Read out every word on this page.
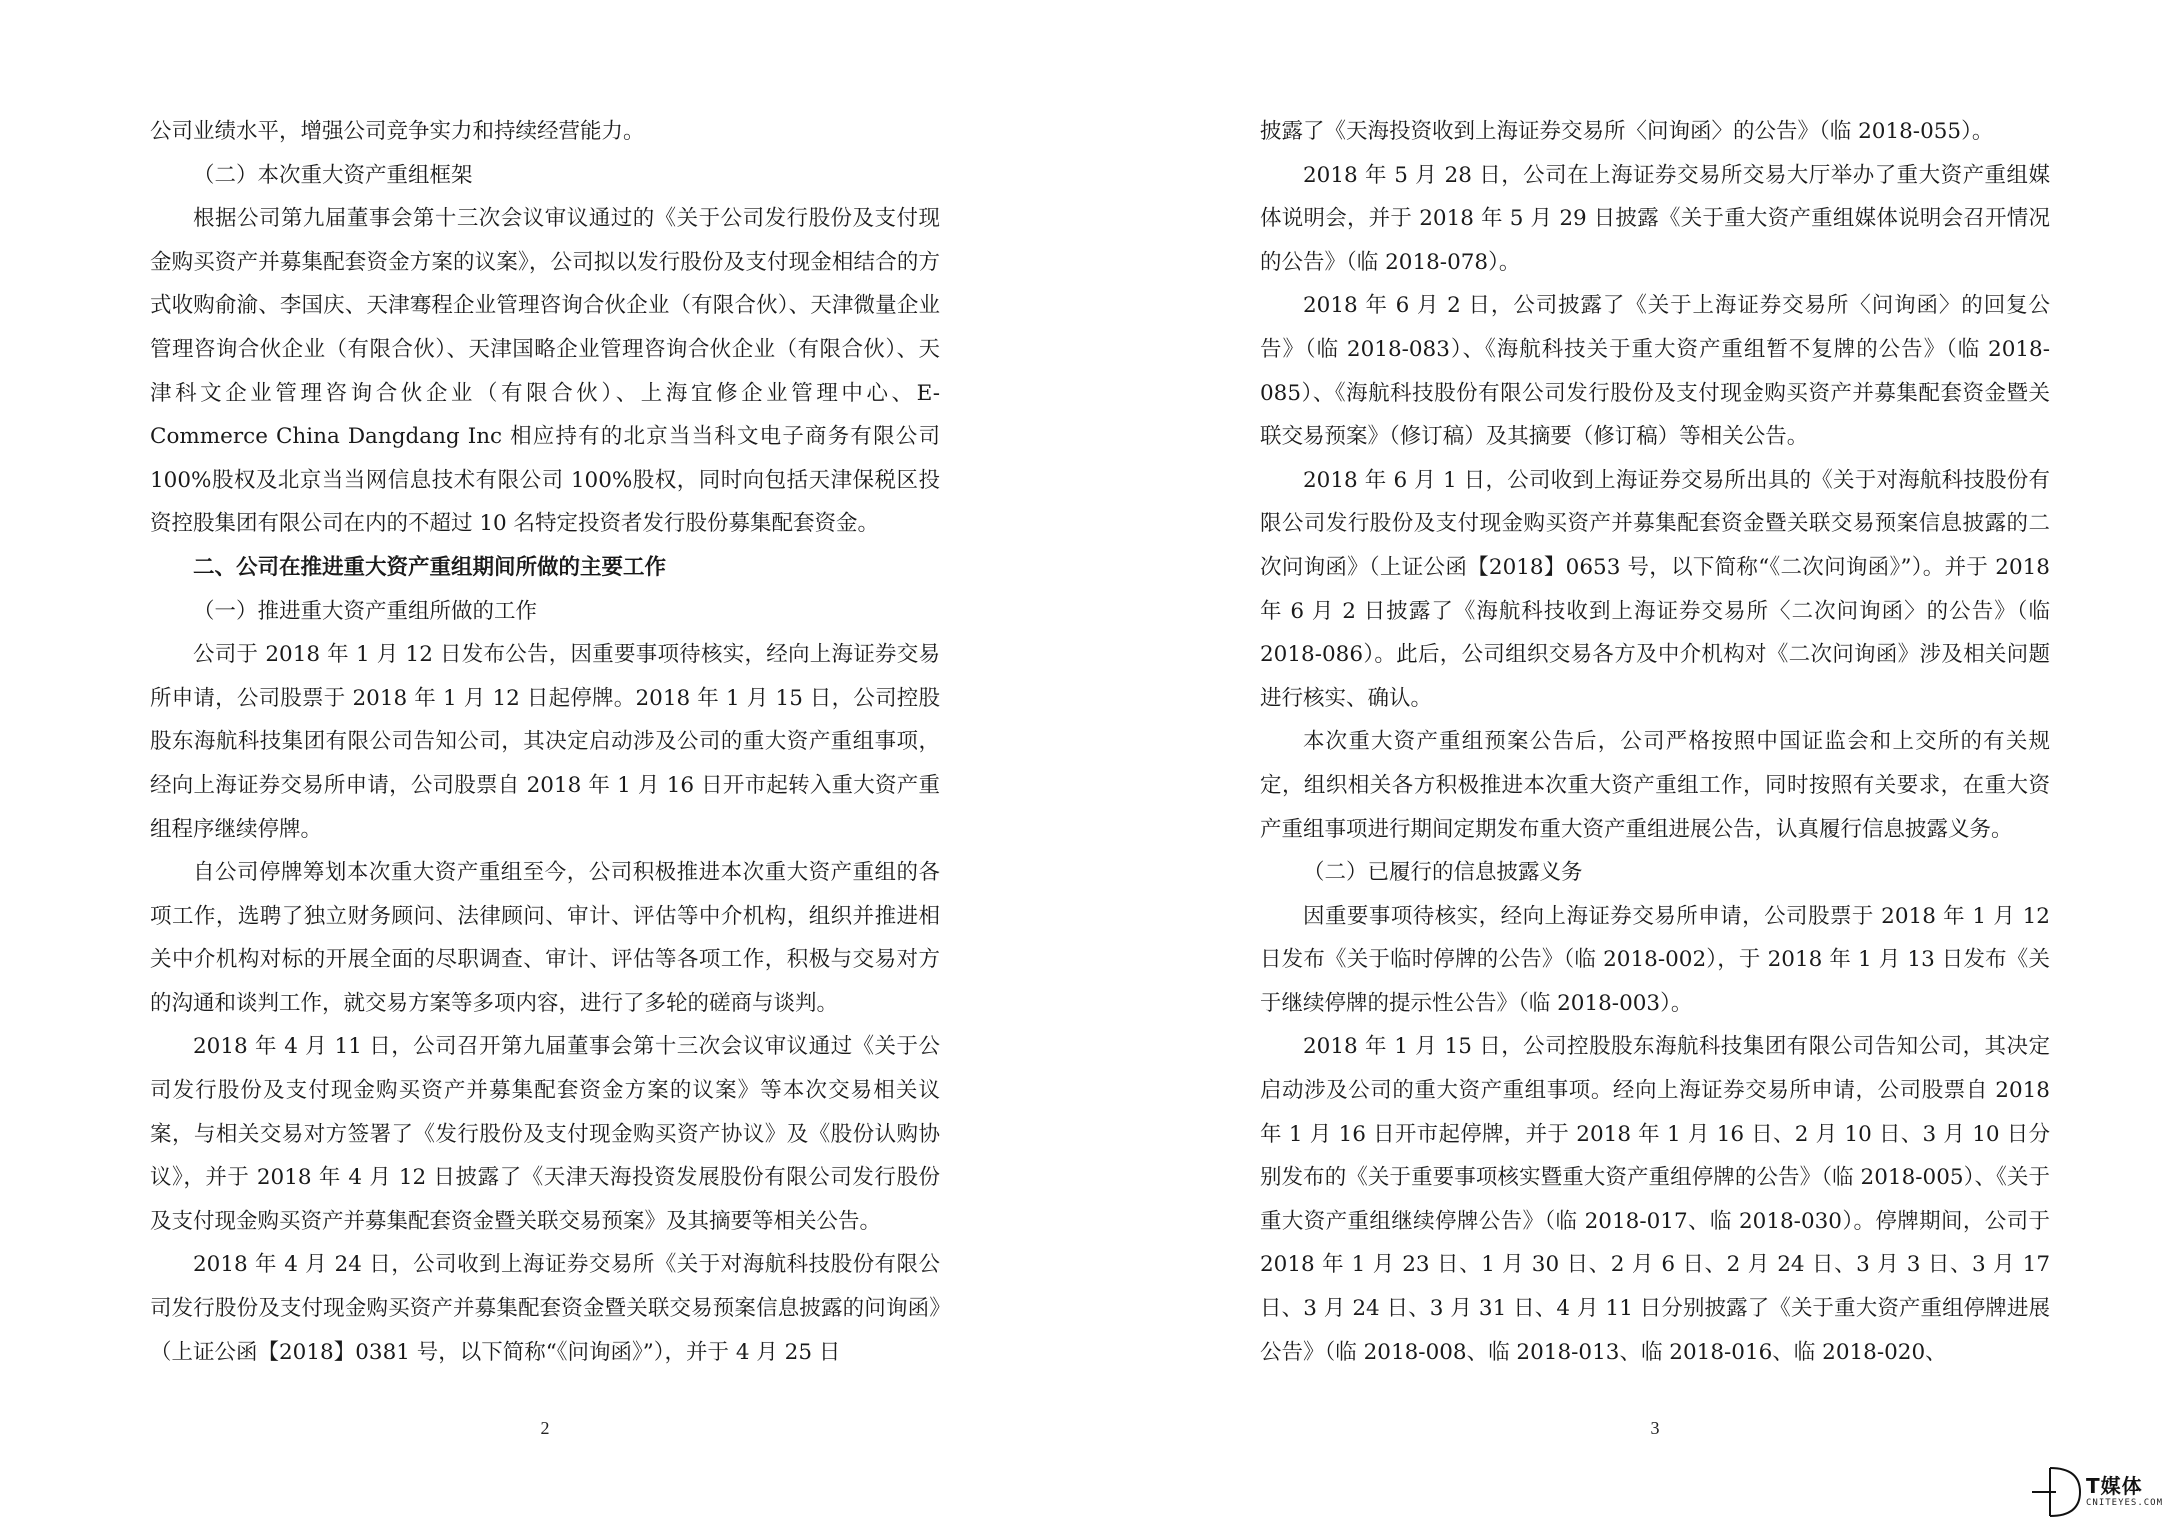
公司业绩水平，增强公司竞争实力和持续经营能力。

（二）本次重大资产重组框架

根据公司第九届董事会第十三次会议审议通过的《关于公司发行股份及支付现金购买资产并募集配套资金方案的议案》，公司拟以发行股份及支付现金相结合的方式收购俞渝、李国庆、天津骞程企业管理咨询合伙企业（有限合伙）、天津微量企业管理咨询合伙企业（有限合伙）、天津国略企业管理咨询合伙企业（有限合伙）、天津科文企业管理咨询合伙企业（有限合伙）、上海宜修企业管理中心、E-Commerce China Dangdang Inc 相应持有的北京当当科文电子商务有限公司 100%股权及北京当当网信息技术有限公司 100%股权，同时向包括天津保税区投资控股集团有限公司在内的不超过 10 名特定投资者发行股份募集配套资金。

二、公司在推进重大资产重组期间所做的主要工作

（一）推进重大资产重组所做的工作

公司于 2018 年 1 月 12 日发布公告，因重要事项待核实，经向上海证券交易所申请，公司股票于 2018 年 1 月 12 日起停牌。2018 年 1 月 15 日，公司控股股东海航科技集团有限公司告知公司，其决定启动涉及公司的重大资产重组事项，经向上海证券交易所申请，公司股票自 2018 年 1 月 16 日开市起转入重大资产重组程序继续停牌。

自公司停牌筹划本次重大资产重组至今，公司积极推进本次重大资产重组的各项工作，选聘了独立财务顾问、法律顾问、审计、评估等中介机构，组织并推进相关中介机构对标的开展全面的尽职调查、审计、评估等各项工作，积极与交易对方的沟通和谈判工作，就交易方案等多项内容，进行了多轮的磋商与谈判。

2018 年 4 月 11 日，公司召开第九届董事会第十三次会议审议通过《关于公司发行股份及支付现金购买资产并募集配套资金方案的议案》等本次交易相关议案，与相关交易对方签署了《发行股份及支付现金购买资产协议》及《股份认购协议》，并于 2018 年 4 月 12 日披露了《天津天海投资发展股份有限公司发行股份及支付现金购买资产并募集配套资金暨关联交易预案》及其摘要等相关公告。

2018 年 4 月 24 日，公司收到上海证券交易所《关于对海航科技股份有限公司发行股份及支付现金购买资产并募集配套资金暨关联交易预案信息披露的问询函》（上证公函【2018】0381 号，以下简称“《问询函》”），并于 4 月 25 日

2

披露了《天海投资收到上海证券交易所〈问询函〉的公告》（临 2018-055）。

2018 年 5 月 28 日，公司在上海证券交易所交易大厅举办了重大资产重组媒体说明会，并于 2018 年 5 月 29 日披露《关于重大资产重组媒体说明会召开情况的公告》（临 2018-078）。

2018 年 6 月 2 日，公司披露了《关于上海证券交易所〈问询函〉的回复公告》（临 2018-083）、《海航科技关于重大资产重组暂不复牌的公告》（临 2018-085）、《海航科技股份有限公司发行股份及支付现金购买资产并募集配套资金暨关联交易预案》（修订稿）及其摘要（修订稿）等相关公告。

2018 年 6 月 1 日，公司收到上海证券交易所出具的《关于对海航科技股份有限公司发行股份及支付现金购买资产并募集配套资金暨关联交易预案信息披露的二次问询函》（上证公函【2018】0653 号，以下简称“《二次问询函》”）。并于 2018 年 6 月 2 日披露了《海航科技收到上海证券交易所〈二次问询函〉的公告》（临 2018-086）。此后，公司组织交易各方及中介机构对《二次问询函》涉及相关问题进行核实、确认。

本次重大资产重组预案公告后，公司严格按照中国证监会和上交所的有关规定，组织相关各方积极推进本次重大资产重组工作，同时按照有关要求，在重大资产重组事项进行期间定期发布重大资产重组进展公告，认真履行信息披露义务。

（二）已履行的信息披露义务

因重要事项待核实，经向上海证券交易所申请，公司股票于 2018 年 1 月 12 日发布《关于临时停牌的公告》（临 2018-002），于 2018 年 1 月 13 日发布《关于继续停牌的提示性公告》（临 2018-003）。

2018 年 1 月 15 日，公司控股股东海航科技集团有限公司告知公司，其决定启动涉及公司的重大资产重组事项。经向上海证券交易所申请，公司股票自 2018 年 1 月 16 日开市起停牌，并于 2018 年 1 月 16 日、2 月 10 日、3 月 10 日分别发布的《关于重要事项核实暨重大资产重组停牌的公告》（临 2018-005）、《关于重大资产重组继续停牌公告》（临 2018-017、临 2018-030）。停牌期间，公司于 2018 年 1 月 23 日、1 月 30 日、2 月 6 日、2 月 24 日、3 月 3 日、3 月 17 日、3 月 24 日、3 月 31 日、4 月 11 日分别披露了《关于重大资产重组停牌进展公告》（临 2018-008、临 2018-013、临 2018-016、临 2018-020、

3
T媒体
CNITEYES.COM
